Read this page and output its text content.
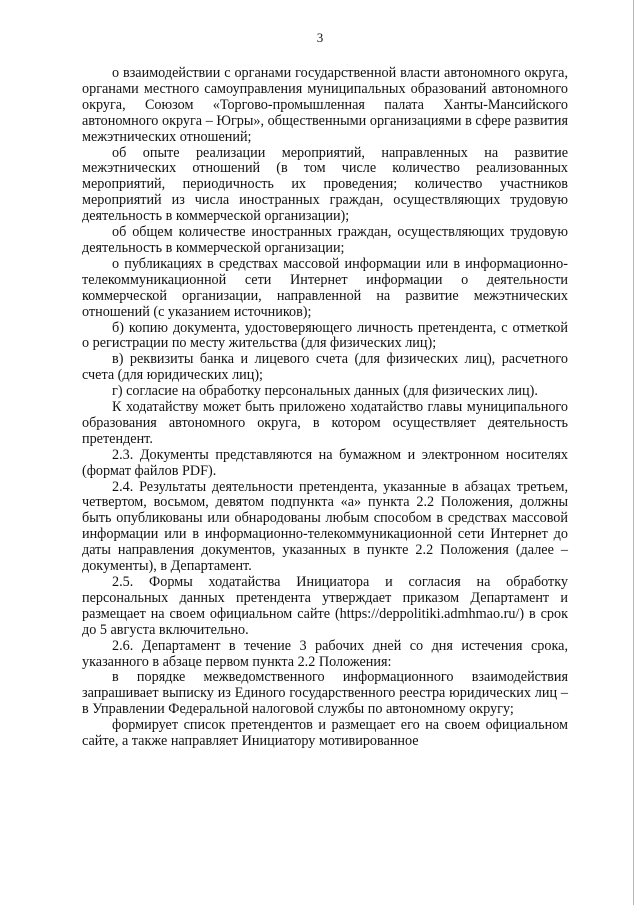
3

о взаимодействии с органами государственной власти автономного округа, органами местного самоуправления муниципальных образований автономного округа, Союзом «Торгово-промышленная палата Ханты-Мансийского автономного округа – Югры», общественными организациями в сфере развития межэтнических отношений;

об опыте реализации мероприятий, направленных на развитие межэтнических отношений (в том числе количество реализованных мероприятий, периодичность их проведения; количество участников мероприятий из числа иностранных граждан, осуществляющих трудовую деятельность в коммерческой организации);

об общем количестве иностранных граждан, осуществляющих трудовую деятельность в коммерческой организации;

о публикациях в средствах массовой информации или в информационно-телекоммуникационной сети Интернет информации о деятельности коммерческой организации, направленной на развитие межэтнических отношений (с указанием источников);

б) копию документа, удостоверяющего личность претендента, с отметкой о регистрации по месту жительства (для физических лиц);

в) реквизиты банка и лицевого счета (для физических лиц), расчетного счета (для юридических лиц);

г) согласие на обработку персональных данных (для физических лиц).

К ходатайству может быть приложено ходатайство главы муниципального образования автономного округа, в котором осуществляет деятельность претендент.

2.3. Документы представляются на бумажном и электронном носителях (формат файлов PDF).

2.4. Результаты деятельности претендента, указанные в абзацах третьем, четвертом, восьмом, девятом подпункта «а» пункта 2.2 Положения, должны быть опубликованы или обнародованы любым способом в средствах массовой информации или в информационно-телекоммуникационной сети Интернет до даты направления документов, указанных в пункте 2.2 Положения (далее – документы), в Департамент.

2.5. Формы ходатайства Инициатора и согласия на обработку персональных данных претендента утверждает приказом Департамент и размещает на своем официальном сайте (https://deppolitiki.admhmao.ru/) в срок до 5 августа включительно.

2.6. Департамент в течение 3 рабочих дней со дня истечения срока, указанного в абзаце первом пункта 2.2 Положения:

в порядке межведомственного информационного взаимодействия запрашивает выписку из Единого государственного реестра юридических лиц – в Управлении Федеральной налоговой службы по автономному округу;

формирует список претендентов и размещает его на своем официальном сайте, а также направляет Инициатору мотивированное
